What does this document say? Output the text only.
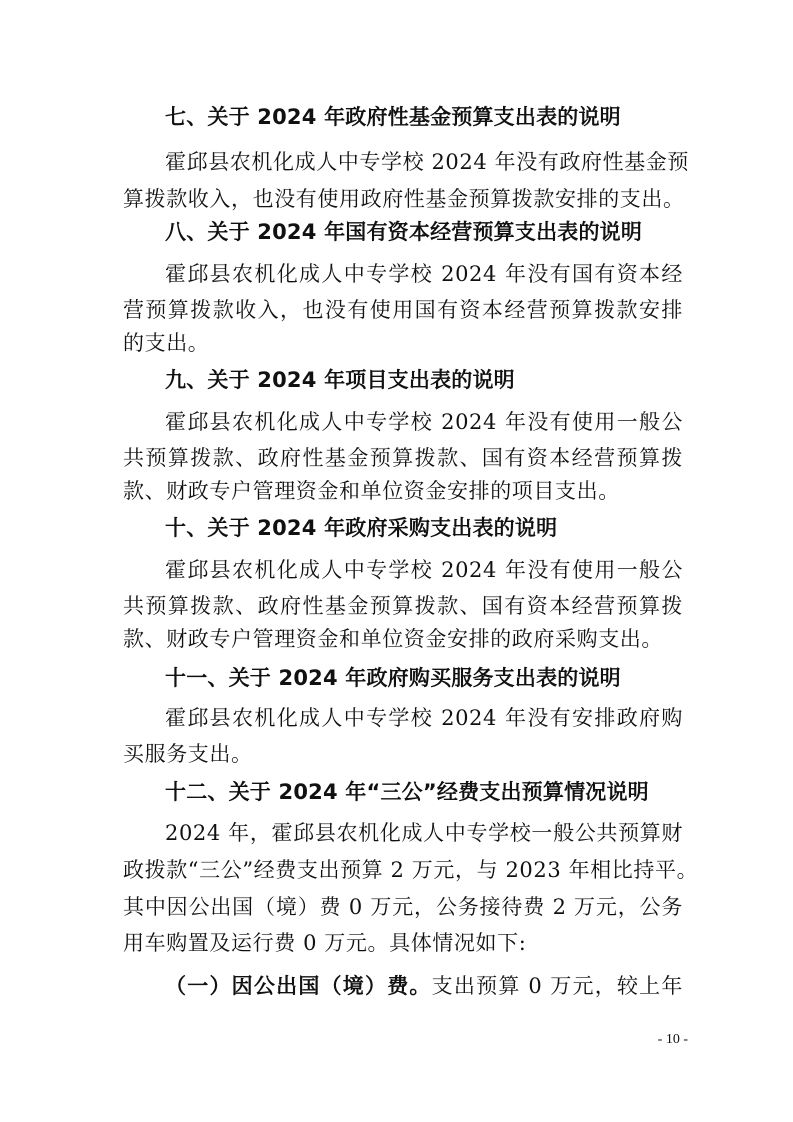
七、关于 2024 年政府性基金预算支出表的说明
霍邱县农机化成人中专学校 2024 年没有政府性基金预
算拨款收入，也没有使用政府性基金预算拨款安排的支出。
八、关于 2024 年国有资本经营预算支出表的说明
霍邱县农机化成人中专学校 2024 年没有国有资本经
营预算拨款收入，也没有使用国有资本经营预算拨款安排
的支出。
九、关于 2024 年项目支出表的说明
霍邱县农机化成人中专学校 2024 年没有使用一般公
共预算拨款、政府性基金预算拨款、国有资本经营预算拨
款、财政专户管理资金和单位资金安排的项目支出。
十、关于 2024 年政府采购支出表的说明
霍邱县农机化成人中专学校 2024 年没有使用一般公
共预算拨款、政府性基金预算拨款、国有资本经营预算拨
款、财政专户管理资金和单位资金安排的政府采购支出。
十一、关于 2024 年政府购买服务支出表的说明
霍邱县农机化成人中专学校 2024 年没有安排政府购
买服务支出。
十二、关于 2024 年“三公”经费支出预算情况说明
2024 年，霍邱县农机化成人中专学校一般公共预算财
政拨款“三公”经费支出预算 2 万元，与 2023 年相比持平。
其中因公出国（境）费 0 万元，公务接待费 2 万元，公务
用车购置及运行费 0 万元。具体情况如下:
（一）因公出国（境）费。支出预算 0 万元，较上年
- 10 -
